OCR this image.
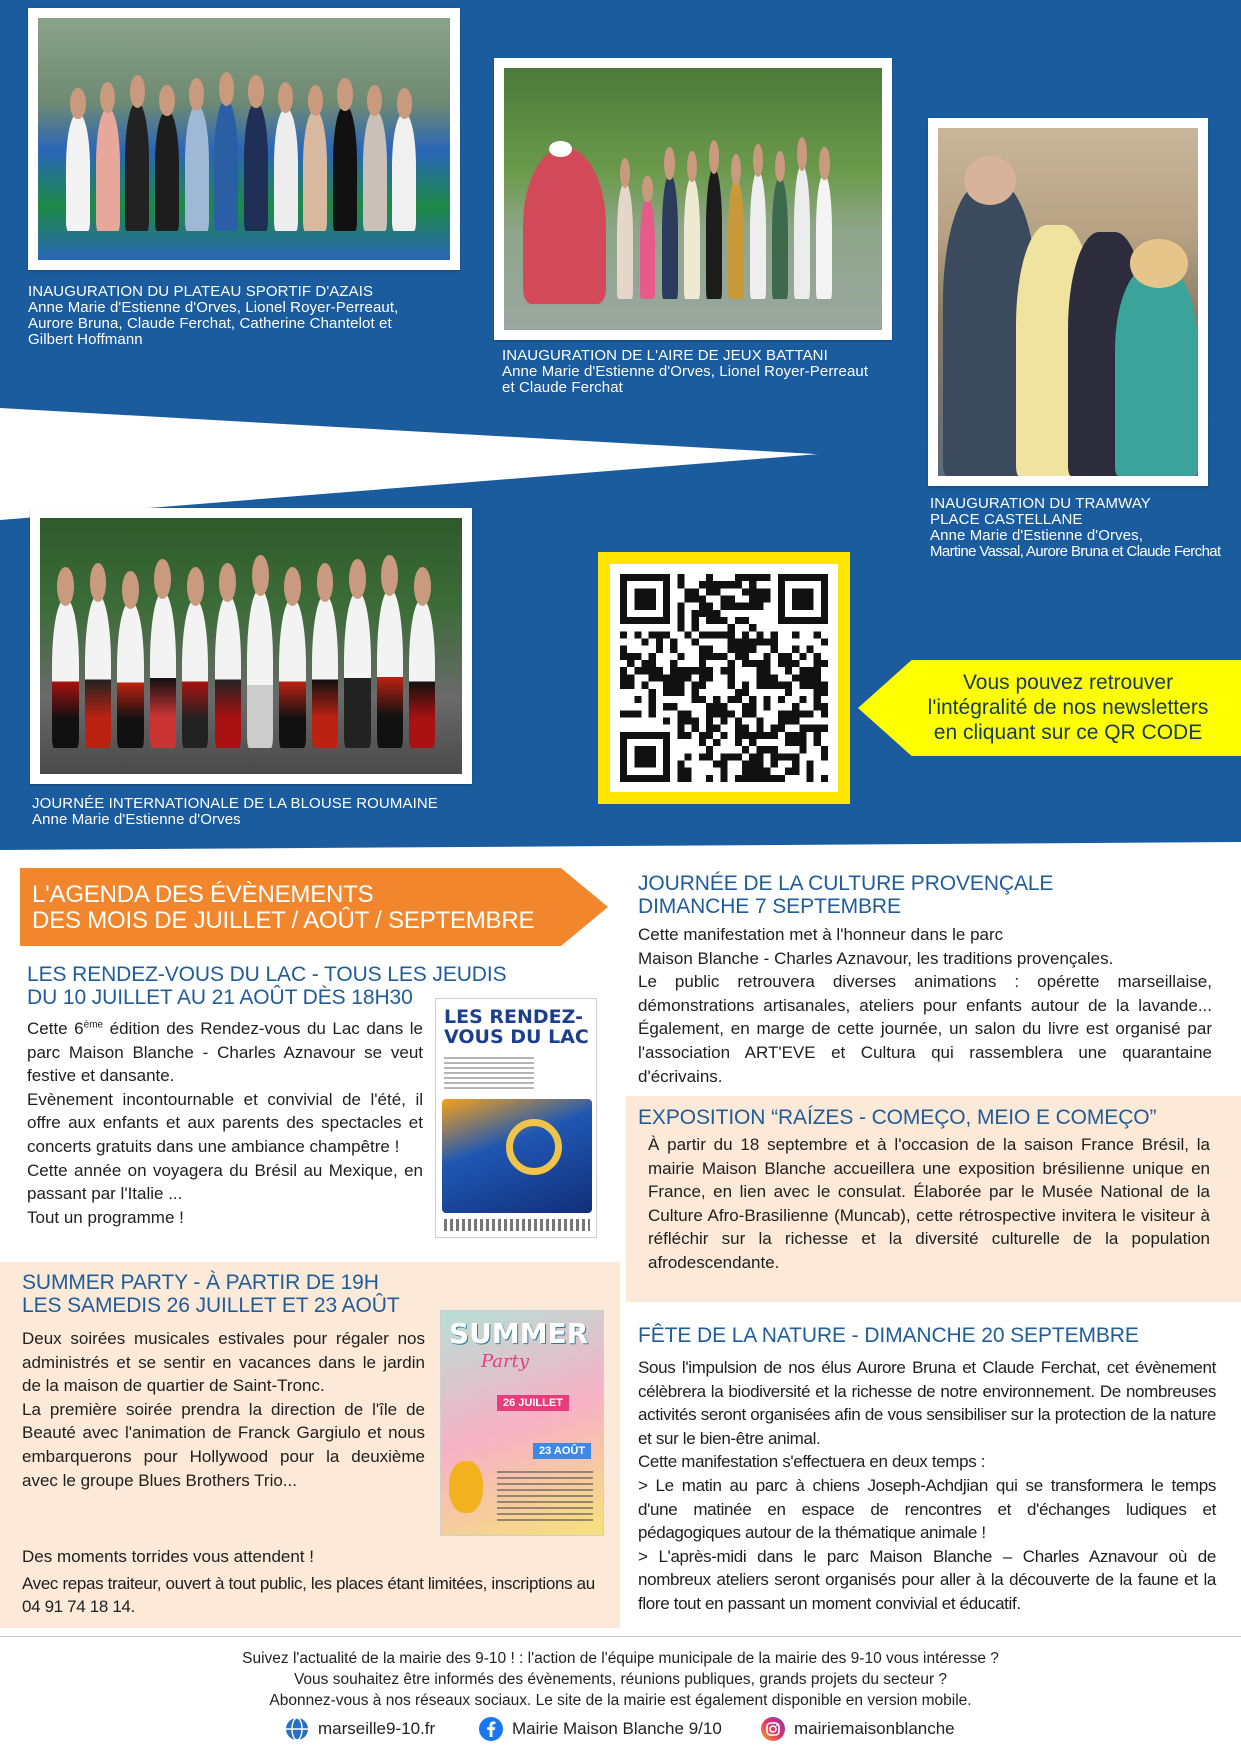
INAUGURATION DU PLATEAU SPORTIF D'AZAIS
Anne Marie d'Estienne d'Orves, Lionel Royer-Perreaut,
Aurore Bruna, Claude Ferchat, Catherine Chantelot et
Gilbert Hoffmann
INAUGURATION DE L'AIRE DE JEUX BATTANI
Anne Marie d'Estienne d'Orves, Lionel Royer-Perreaut
et Claude Ferchat
INAUGURATION DU TRAMWAY
PLACE CASTELLANE
Anne Marie d'Estienne d'Orves,
Martine Vassal, Aurore Bruna et Claude Ferchat
JOURNÉE INTERNATIONALE DE LA BLOUSE ROUMAINE
Anne Marie d'Estienne d'Orves
Vous pouvez retrouver
l'intégralité de nos newsletters
en cliquant sur ce QR CODE
L'AGENDA DES ÉVÈNEMENTS
DES MOIS DE JUILLET / AOÛT / SEPTEMBRE
LES RENDEZ-VOUS DU LAC - TOUS LES JEUDIS
DU 10 JUILLET AU 21 AOÛT DÈS 18H30

Cette 6ème édition des Rendez-vous du Lac dans le parc Maison Blanche - Charles Aznavour se veut festive et dansante.

Evènement incontournable et convivial de l'été, il offre aux enfants et aux parents des spectacles et concerts gratuits dans une ambiance champêtre !

Cette année on voyagera du Brésil au Mexique, en passant par l'Italie ...

Tout un programme !

LES RENDEZ-VOUS DU LAC
SUMMER PARTY - À PARTIR DE 19H
LES SAMEDIS 26 JUILLET ET 23 AOÛT

Deux soirées musicales estivales pour régaler nos administrés et se sentir en vacances dans le jardin de la maison de quartier de Saint-Tronc.

La première soirée prendra la direction de l'île de Beauté avec l'animation de Franck Gargiulo et nous embarquerons pour Hollywood pour la deuxième avec le groupe Blues Brothers Trio...

Des moments torrides vous attendent !

Avec repas traiteur, ouvert à tout public, les places étant limitées, inscriptions au 04 91 74 18 14.

SUMMER
Party
26 JUILLET
23 AOÛT
JOURNÉE DE LA CULTURE PROVENÇALE
DIMANCHE 7 SEPTEMBRE

Cette manifestation met à l'honneur dans le parc

Maison Blanche - Charles Aznavour, les traditions provençales.

Le public retrouvera diverses animations : opérette marseillaise, démonstrations artisanales, ateliers pour enfants autour de la lavande... Également, en marge de cette journée, un salon du livre est organisé par l'association ART'EVE et Cultura qui rassemblera une quarantaine d'écrivains.

EXPOSITION “RAÍZES - COMEÇO, MEIO E COMEÇO”

À partir du 18 septembre et à l'occasion de la saison France Brésil, la mairie Maison Blanche accueillera une exposition brésilienne unique en France, en lien avec le consulat. Élaborée par le Musée National de la Culture Afro-Brasilienne (Muncab), cette rétrospective invitera le visiteur à réfléchir sur la richesse et la diversité culturelle de la population afrodescendante.

FÊTE DE LA NATURE - DIMANCHE 20 SEPTEMBRE

Sous l'impulsion de nos élus Aurore Bruna et Claude Ferchat, cet évènement célèbrera la biodiversité et la richesse de notre environnement. De nombreuses activités seront organisées afin de vous sensibiliser sur la protection de la nature et sur le bien-être animal.

Cette manifestation s'effectuera en deux temps :

> Le matin au parc à chiens Joseph-Achdjian qui se transformera le temps d'une matinée en espace de rencontres et d'échanges ludiques et pédagogiques autour de la thématique animale !

> L'après-midi dans le parc Maison Blanche – Charles Aznavour où de nombreux ateliers seront organisés pour aller à la découverte de la faune et la flore tout en passant un moment convivial et éducatif.

Suivez l'actualité de la mairie des 9-10 ! : l'action de l'équipe municipale de la mairie des 9-10 vous intéresse ?
Vous souhaitez être informés des évènements, réunions publiques, grands projets du secteur ?
Abonnez-vous à nos réseaux sociaux. Le site de la mairie est également disponible en version mobile.
marseille9-10.fr	Mairie Maison Blanche 9/10	mairiemaisonblanche
